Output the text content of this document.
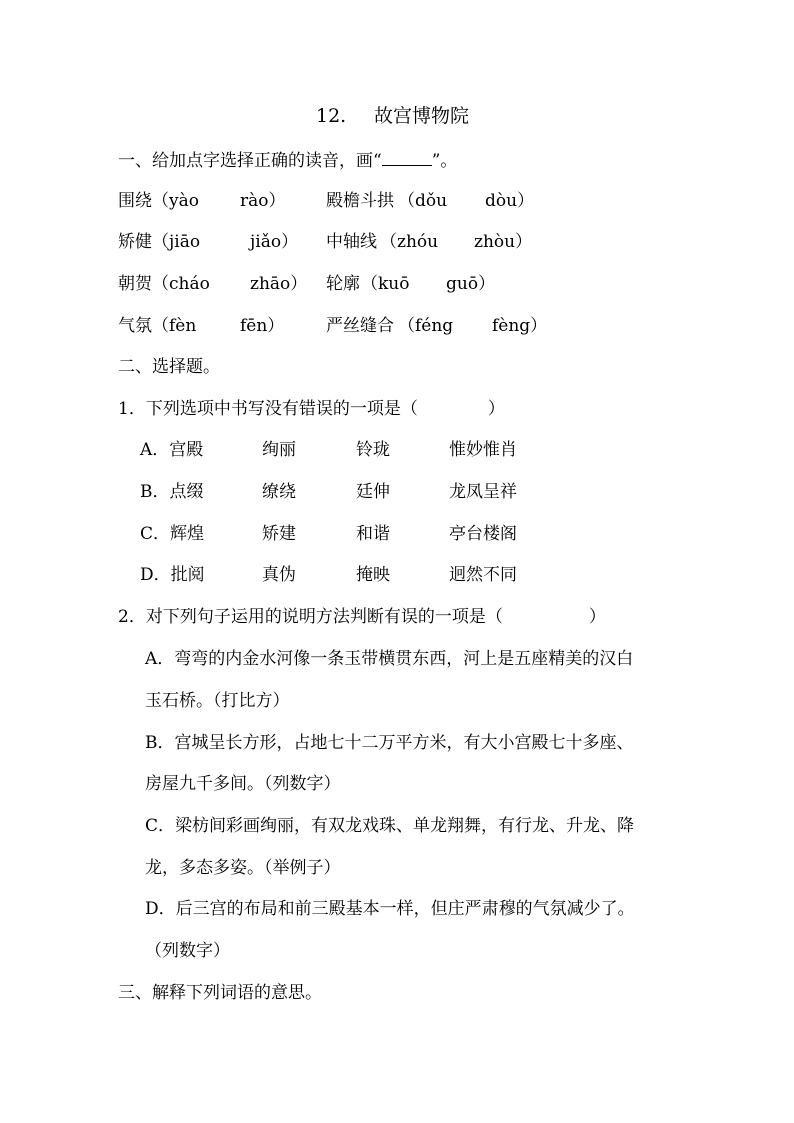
12. 故宫博物院
一、给加点字选择正确的读音，画“	”。
围绕 （yào rào） 殿檐斗拱 （dǒu dòu）
矫健 （jiāo	jiǎo） 中轴线 （zhóu zhòu）
朝贺 （cháo zhāo） 轮廓 （kuō guō）
气氛 （fèn	fēn） 严丝缝合 （féng fèng）
二、选择题。
1．下列选项中书写没有错误的一项是（	）
A．宫殿	绚丽	铃珑	惟妙惟肖
B．点缀	缭绕	廷伸	龙凤呈祥
C．辉煌	矫建	和谐	亭台楼阁
D．批阅	真伪	掩映	迥然不同
2．对下列句子运用的说明方法判断有误的一项是（	）
A．弯弯的内金水河像一条玉带横贯东西，河上是五座精美的汉白
玉石桥。（打比方）
B．宫城呈长方形，占地七十二万平方米，有大小宫殿七十多座、
房屋九千多间。（列数字）
C．梁枋间彩画绚丽，有双龙戏珠、单龙翔舞，有行龙、升龙、降
龙，多态多姿。（举例子）
D．后三宫的布局和前三殿基本一样，但庄严肃穆的气氛减少了。
（列数字）
三、解释下列词语的意思。
